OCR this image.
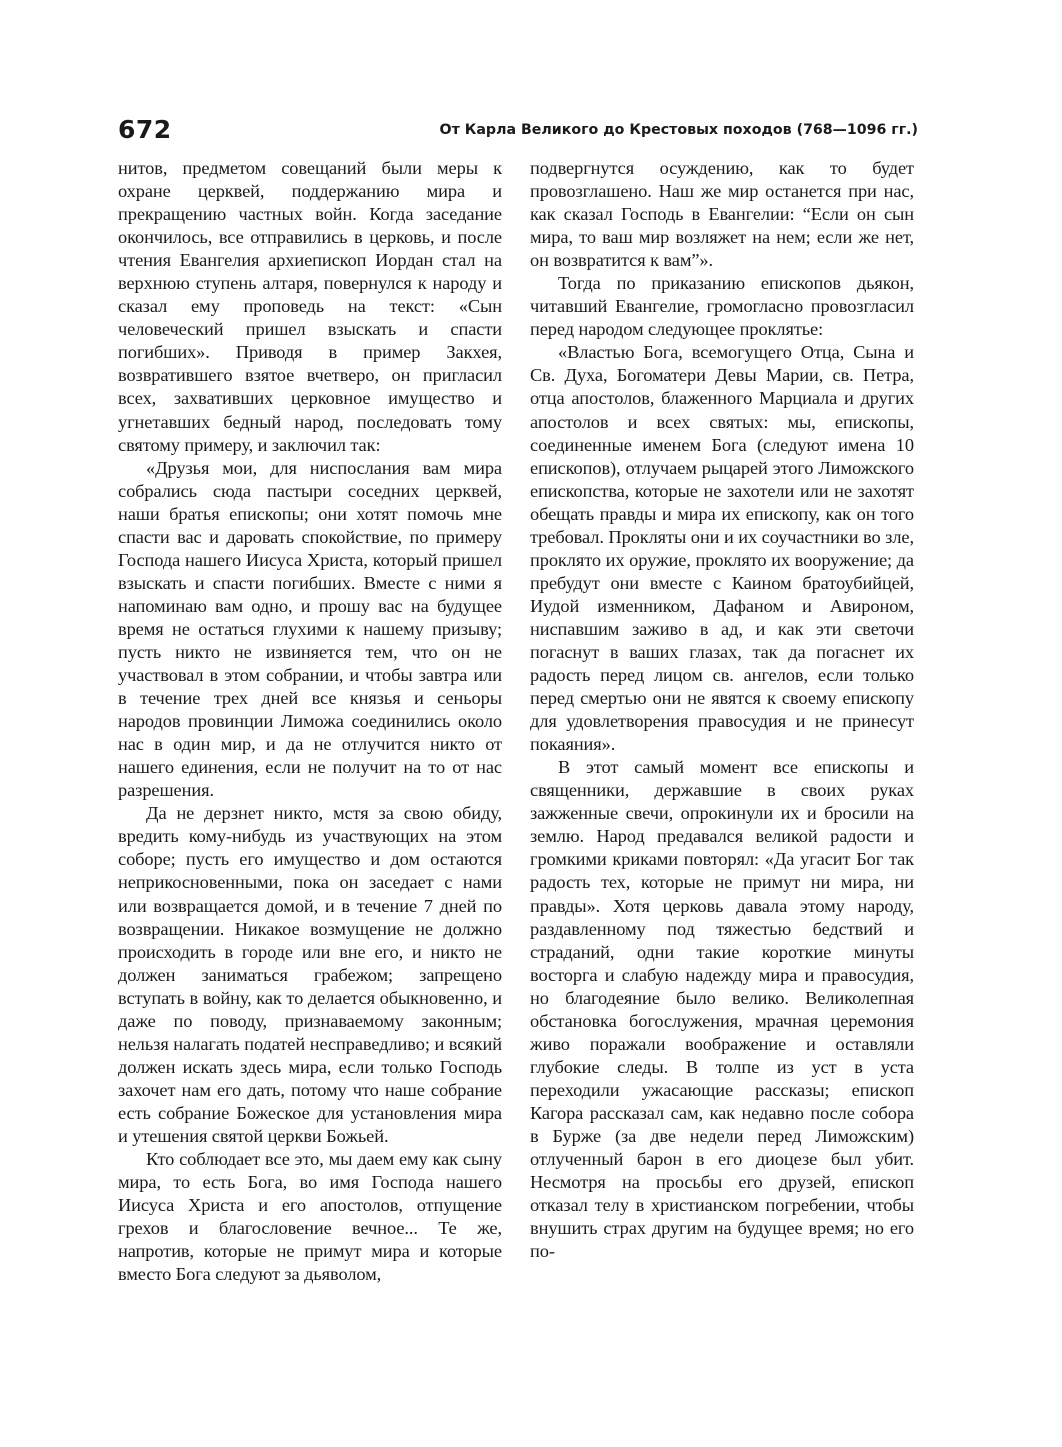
672	От Карла Великого до Крестовых походов (768—1096 гг.)

нитов, предметом совещаний были меры к охране церквей, поддержанию мира и прекращению частных войн. Когда заседание окончилось, все отправились в церковь, и после чтения Евангелия архиепископ Иордан стал на верхнюю ступень алтаря, повернулся к народу и сказал ему проповедь на текст: «Сын человеческий пришел взыскать и спасти погибших». Приводя в пример Закхея, возвратившего взятое вчетверо, он пригласил всех, захвативших церковное имущество и угнетавших бедный народ, последовать тому святому примеру, и заключил так:

«Друзья мои, для ниспослания вам мира собрались сюда пастыри соседних церквей, наши братья епископы; они хотят помочь мне спасти вас и даровать спокойствие, по примеру Господа нашего Иисуса Христа, который пришел взыскать и спасти погибших. Вместе с ними я напоминаю вам одно, и прошу вас на будущее время не остаться глухими к нашему призыву; пусть никто не извиняется тем, что он не участвовал в этом собрании, и чтобы завтра или в течение трех дней все князья и сеньоры народов провинции Лиможа соединились около нас в один мир, и да не отлучится никто от нашего единения, если не получит на то от нас разрешения.

Да не дерзнет никто, мстя за свою обиду, вредить кому-нибудь из участвующих на этом соборе; пусть его имущество и дом остаются неприкосновенными, пока он заседает с нами или возвращается домой, и в течение 7 дней по возвращении. Никакое возмущение не должно происходить в городе или вне его, и никто не должен заниматься грабежом; запрещено вступать в войну, как то делается обыкновенно, и даже по поводу, признаваемому законным; нельзя налагать податей несправедливо; и всякий должен искать здесь мира, если только Господь захочет нам его дать, потому что наше собрание есть собрание Божеское для установления мира и утешения святой церкви Божьей.

Кто соблюдает все это, мы даем ему как сыну мира, то есть Бога, во имя Господа нашего Иисуса Христа и его апостолов, отпущение грехов и благословение вечное... Те же, напротив, которые не примут мира и которые вместо Бога следуют за дьяволом,

подвергнутся осуждению, как то будет провозглашено. Наш же мир останется при нас, как сказал Господь в Евангелии: “Если он сын мира, то ваш мир возляжет на нем; если же нет, он возвратится к вам”».

Тогда по приказанию епископов дьякон, читавший Евангелие, громогласно провозгласил перед народом следующее проклятье:

«Властью Бога, всемогущего Отца, Сына и Св. Духа, Богоматери Девы Марии, св. Петра, отца апостолов, блаженного Марциала и других апостолов и всех святых: мы, епископы, соединенные именем Бога (следуют имена 10 епископов), отлучаем рыцарей этого Лиможского епископства, которые не захотели или не захотят обещать правды и мира их епископу, как он того требовал. Прокляты они и их соучастники во зле, проклято их оружие, проклято их вооружение; да пребудут они вместе с Каином братоубийцей, Иудой изменником, Дафаном и Авироном, ниспавшим заживо в ад, и как эти светочи погаснут в ваших глазах, так да погаснет их радость перед лицом св. ангелов, если только перед смертью они не явятся к своему епископу для удовлетворения правосудия и не принесут покаяния».

В этот самый момент все епископы и священники, державшие в своих руках зажженные свечи, опрокинули их и бросили на землю. Народ предавался великой радости и громкими криками повторял: «Да угасит Бог так радость тех, которые не примут ни мира, ни правды». Хотя церковь давала этому народу, раздавленному под тяжестью бедствий и страданий, одни такие короткие минуты восторга и слабую надежду мира и правосудия, но благодеяние было велико. Великолепная обстановка богослужения, мрачная церемония живо поражали воображение и оставляли глубокие следы. В толпе из уст в уста переходили ужасающие рассказы; епископ Кагора рассказал сам, как недавно после собора в Бурже (за две недели перед Лиможским) отлученный барон в его диоцезе был убит. Несмотря на просьбы его друзей, епископ отказал телу в христианском погребении, чтобы внушить страх другим на будущее время; но его по-
